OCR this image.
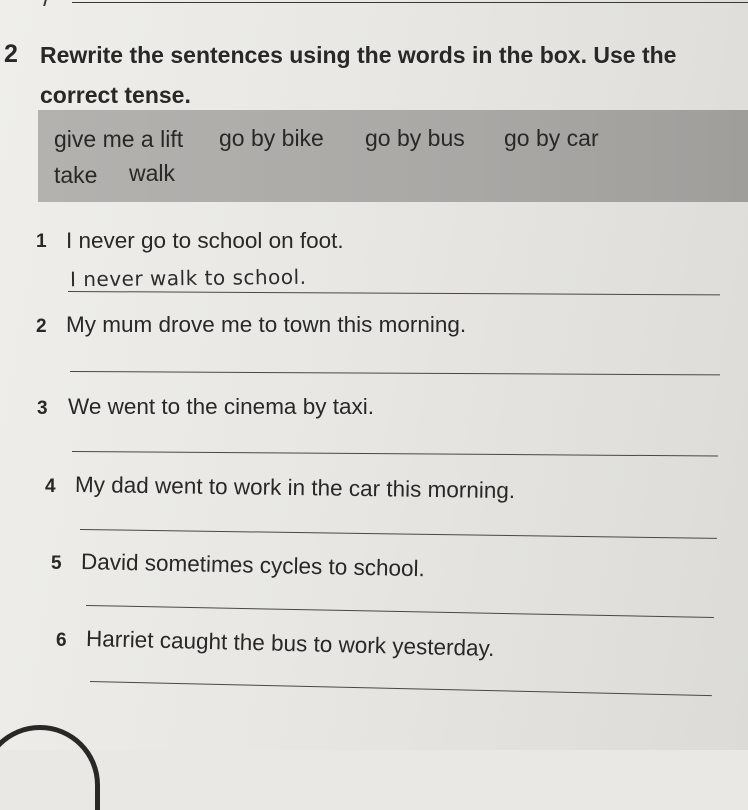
2 Rewrite the sentences using the words in the box. Use the correct tense.

give me a lift go by bike go by bus go by car
take walk
1 I never go to school on foot.
I never walk to school.
2 My mum drove me to town this morning.
3 We went to the cinema by taxi.
4 My dad went to work in the car this morning.
5 David sometimes cycles to school.
6 Harriet caught the bus to work yesterday.
